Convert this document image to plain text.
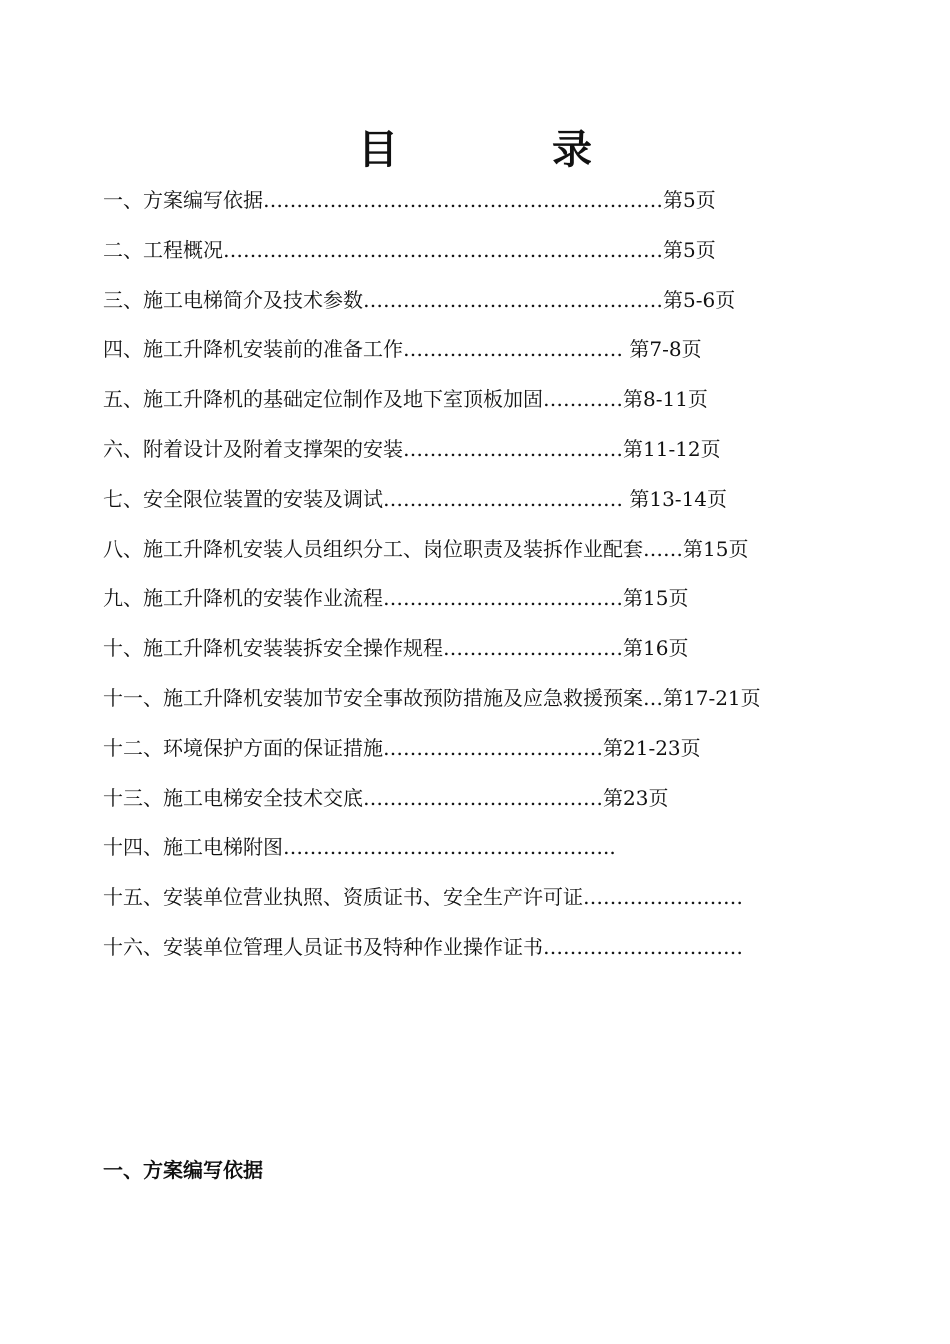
目 录
一、方案编写依据……………………………………………………第5页
二、工程概况…………………………………………………………第5页
三、施工电梯简介及技术参数………………………………………第5-6页
四、施工升降机安装前的准备工作…………………………… 第7-8页
五、施工升降机的基础定位制作及地下室顶板加固…………第8-11页
六、附着设计及附着支撑架的安装……………………………第11-12页
七、安全限位装置的安装及调试……………………………… 第13-14页
八、施工升降机安装人员组织分工、岗位职责及装拆作业配套……第15页
九、施工升降机的安装作业流程………………………………第15页
十、施工升降机安装装拆安全操作规程………………………第16页
十一、施工升降机安装加节安全事故预防措施及应急救援预案…第17-21页
十二、环境保护方面的保证措施……………………………第21-23页
十三、施工电梯安全技术交底………………………………第23页
十四、施工电梯附图…………………………………………..
十五、安装单位营业执照、资质证书、安全生产许可证……………………
十六、安装单位管理人员证书及特种作业操作证书…………………………
一、方案编写依据
